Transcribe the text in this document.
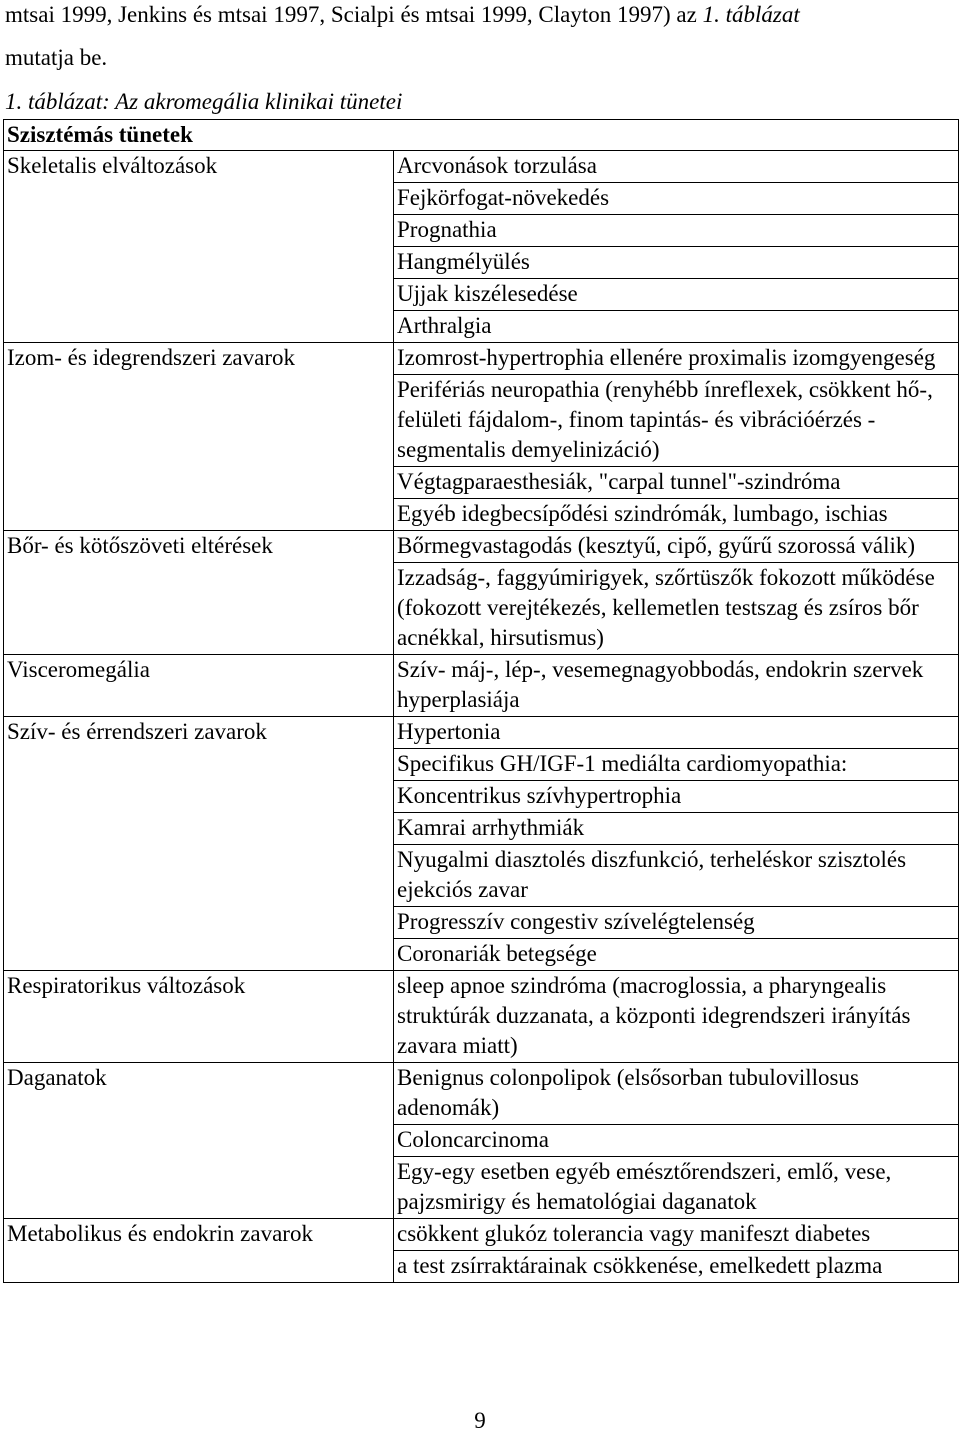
mtsai 1999, Jenkins és mtsai 1997, Scialpi és mtsai 1999, Clayton 1997) az 1. táblázat
mutatja be.
1. táblázat: Az akromegália klinikai tünetei
Szisztémás tünetek	
Skeletalis elváltozások	Arcvonások torzulása
	Fejkörfogat-növekedés
	Prognathia
	Hangmélyülés
	Ujjak kiszélesedése
	Arthralgia
Izom- és idegrendszeri zavarok	Izomrost-hypertrophia ellenére proximalis izomgyengeség
	Perifériás neuropathia (renyhébb ínreflexek, csökkent hő-, felületi fájdalom-, finom tapintás- és vibrációérzés - segmentalis demyelinizáció)
	Végtagparaesthesiák, "carpal tunnel"-szindróma
	Egyéb idegbecsípődési szindrómák, lumbago, ischias
Bőr- és kötőszöveti eltérések	Bőrmegvastagodás (kesztyű, cipő, gyűrű szorossá válik)
	Izzadság-, faggyúmirigyek, szőrtüszők fokozott működése (fokozott verejtékezés, kellemetlen testszag és zsíros bőr acnékkal, hirsutismus)
Visceromegália	Szív- máj-, lép-, vesemegnagyobbodás, endokrin szervek hyperplasiája
Szív- és érrendszeri zavarok	Hypertonia
	Specifikus GH/IGF-1 mediálta cardiomyopathia:
	Koncentrikus szívhypertrophia
	Kamrai arrhythmiák
	Nyugalmi diasztolés diszfunkció, terheléskor szisztolés ejekciós zavar
	Progresszív congestiv szívelégtelenség
	Coronariák betegsége
Respiratorikus változások	sleep apnoe szindróma (macroglossia, a pharyngealis struktúrák duzzanata, a központi idegrendszeri irányítás zavara miatt)
Daganatok	Benignus colonpolipok (elsősorban tubulovillosus adenomák)
	Coloncarcinoma
	Egy-egy esetben egyéb emésztőrendszeri, emlő, vese, pajzsmirigy és hematológiai daganatok
Metabolikus és endokrin zavarok	csökkent glukóz tolerancia vagy manifeszt diabetes
	a test zsírraktárainak csökkenése, emelkedett plazma
9
